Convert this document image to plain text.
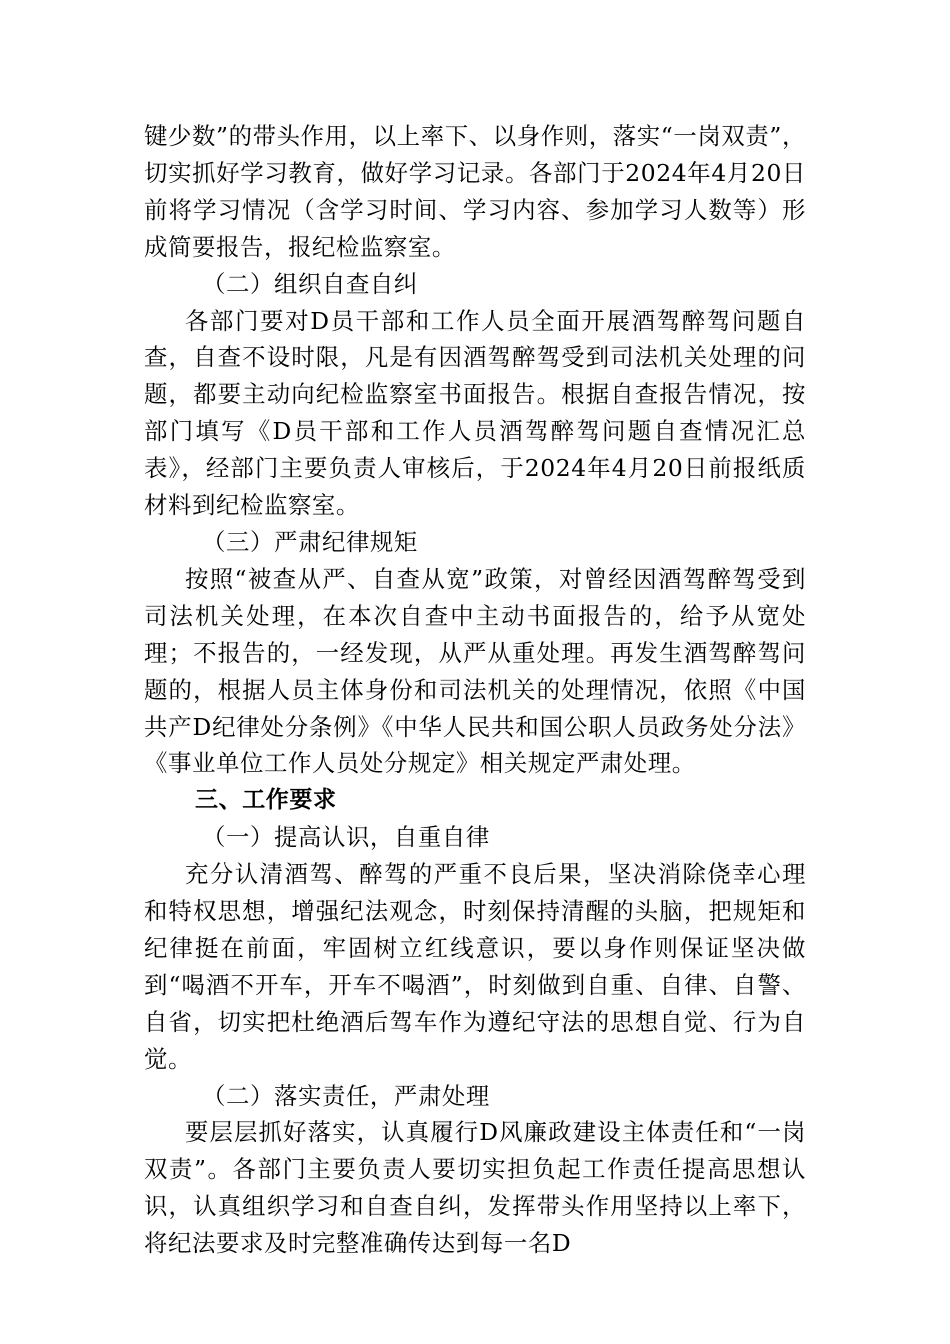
键少数”的带头作用，以上率下、以身作则，落实“一岗双责”，切实抓好学习教育，做好学习记录。各部门于2024年4月20日前将学习情况（含学习时间、学习内容、参加学习人数等）形成简要报告，报纪检监察室。

（二）组织自查自纠

各部门要对D员干部和工作人员全面开展酒驾醉驾问题自查，自查不设时限，凡是有因酒驾醉驾受到司法机关处理的问题，都要主动向纪检监察室书面报告。根据自查报告情况，按部门填写《D员干部和工作人员酒驾醉驾问题自查情况汇总表》，经部门主要负责人审核后，于2024年4月20日前报纸质材料到纪检监察室。

（三）严肃纪律规矩

按照“被查从严、自查从宽”政策，对曾经因酒驾醉驾受到司法机关处理，在本次自查中主动书面报告的，给予从宽处理；不报告的，一经发现，从严从重处理。再发生酒驾醉驾问题的，根据人员主体身份和司法机关的处理情况，依照《中国共产D纪律处分条例》《中华人民共和国公职人员政务处分法》《事业单位工作人员处分规定》相关规定严肃处理。

三、工作要求

（一）提高认识，自重自律

充分认清酒驾、醉驾的严重不良后果，坚决消除侥幸心理和特权思想，增强纪法观念，时刻保持清醒的头脑，把规矩和纪律挺在前面，牢固树立红线意识，要以身作则保证坚决做到“喝酒不开车，开车不喝酒”，时刻做到自重、自律、自警、自省，切实把杜绝酒后驾车作为遵纪守法的思想自觉、行为自觉。

（二）落实责任，严肃处理

要层层抓好落实，认真履行D风廉政建设主体责任和“一岗双责”。各部门主要负责人要切实担负起工作责任提高思想认识，认真组织学习和自查自纠，发挥带头作用坚持以上率下，将纪法要求及时完整准确传达到每一名D
